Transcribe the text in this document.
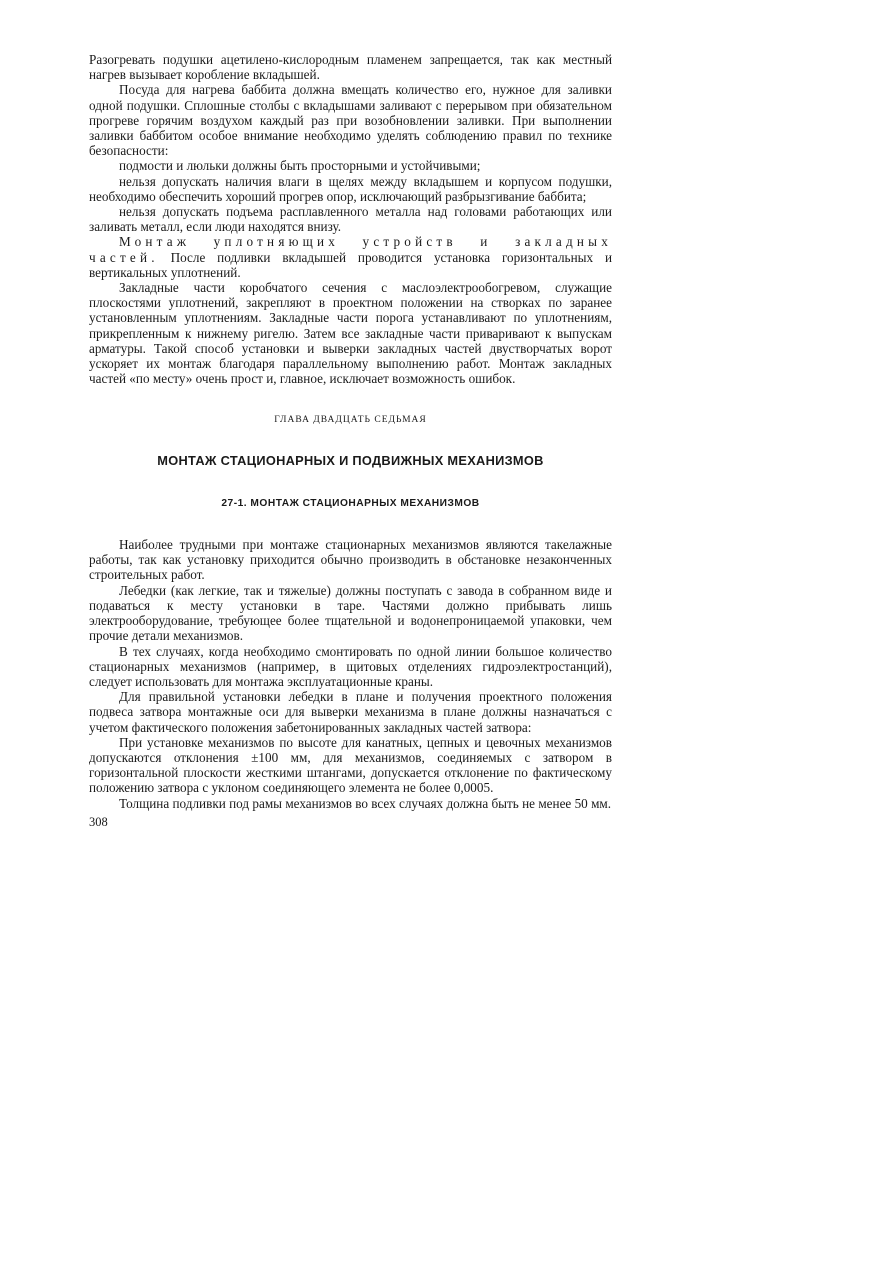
Разогревать подушки ацетилено-кислородным пламенем запрещается, так как местный нагрев вызывает коробление вкладышей.

Посуда для нагрева баббита должна вмещать количество его, нужное для заливки одной подушки. Сплошные столбы с вкладышами заливают с перерывом при обязательном прогреве горячим воздухом каждый раз при возобновлении заливки. При выполнении заливки баббитом особое внимание необходимо уделять соблюдению правил по технике безопасности:

подмости и люльки должны быть просторными и устойчивыми;

нельзя допускать наличия влаги в щелях между вкладышем и корпусом подушки, необходимо обеспечить хороший прогрев опор, исключающий разбрызгивание баббита;

нельзя допускать подъема расплавленного металла над головами работающих или заливать металл, если люди находятся внизу.

Монтаж уплотняющих устройств и закладных частей. После подливки вкладышей проводится установка горизонтальных и вертикальных уплотнений.

Закладные части коробчатого сечения с маслоэлектрообогревом, служащие плоскостями уплотнений, закрепляют в проектном положении на створках по заранее установленным уплотнениям. Закладные части порога устанавливают по уплотнениям, прикрепленным к нижнему ригелю. Затем все закладные части приваривают к выпускам арматуры. Такой способ установки и выверки закладных частей двустворчатых ворот ускоряет их монтаж благодаря параллельному выполнению работ. Монтаж закладных частей «по месту» очень прост и, главное, исключает возможность ошибок.

ГЛАВА ДВАДЦАТЬ СЕДЬМАЯ

МОНТАЖ СТАЦИОНАРНЫХ И ПОДВИЖНЫХ МЕХАНИЗМОВ

27-1. МОНТАЖ СТАЦИОНАРНЫХ МЕХАНИЗМОВ

Наиболее трудными при монтаже стационарных механизмов являются такелажные работы, так как установку приходится обычно производить в обстановке незаконченных строительных работ.

Лебедки (как легкие, так и тяжелые) должны поступать с завода в собранном виде и подаваться к месту установки в таре. Частями должно прибывать лишь электрооборудование, требующее более тщательной и водонепроницаемой упаковки, чем прочие детали механизмов.

В тех случаях, когда необходимо смонтировать по одной линии большое количество стационарных механизмов (например, в щитовых отделениях гидроэлектростанций), следует использовать для монтажа эксплуатационные краны.

Для правильной установки лебедки в плане и получения проектного положения подвеса затвора монтажные оси для выверки механизма в плане должны назначаться с учетом фактического положения забетонированных закладных частей затвора:

При установке механизмов по высоте для канатных, цепных и цевочных механизмов допускаются отклонения ±100 мм, для механизмов, соединяемых с затвором в горизонтальной плоскости жесткими штангами, допускается отклонение по фактическому положению затвора с уклоном соединяющего элемента не более 0,0005.

Толщина подливки под рамы механизмов во всех случаях должна быть не менее 50 мм.

308
